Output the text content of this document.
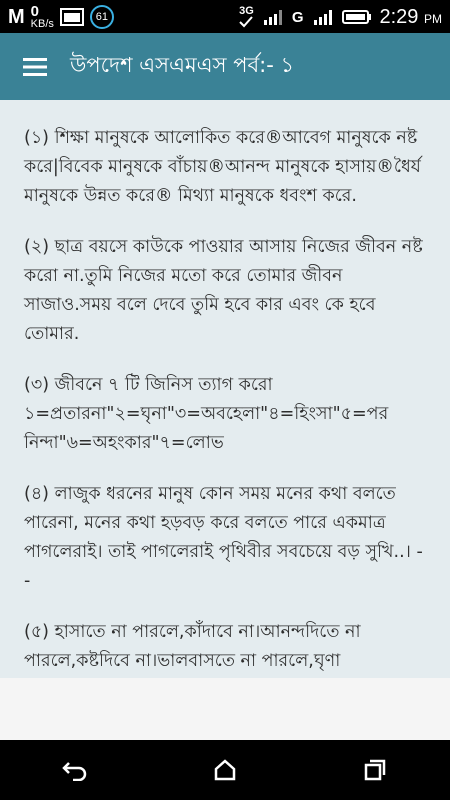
M 0
KB/s
61	3G	G	2:29 PM
উপদেশ এসএমএস পর্ব:- ১
(১) শিক্ষা মানুষকে আলোকিত করে®আবেগ মানুষকে নষ্ট করে|বিবেক মানুষকে বাঁচায়®আনন্দ মানুষকে হাসায়®ধৈর্য মানুষকে উন্নত করে® মিথ্যা মানুষকে ধবংশ করে.
(২) ছাত্র বয়সে কাউকে পাওয়ার আসায় নিজের জীবন নষ্ট করো না.তুমি নিজের মতো করে তোমার জীবন সাজাও.সময় বলে দেবে তুমি হবে কার এবং কে হবে তোমার.
(৩) জীবনে ৭ টি জিনিস ত্যাগ করো ১=প্রতারনা"২=ঘৃনা"৩=অবহেলা"৪=হিংসা"৫=পর নিন্দা"৬=অহংকার"৭=লোভ
(৪) লাজুক ধরনের মানুষ কোন সময় মনের কথা বলতে পারেনা, মনের কথা হড়বড় করে বলতে পারে একমাত্র পাগলেরাই। তাই পাগলেরাই পৃথিবীর সবচেয়ে বড় সুখি..। --
(৫) হাসাতে না পারলে,কাঁদাবে না।আনন্দদিতে না পারলে,কষ্টদিবে না।ভালবাসতে না পারলে,ঘৃণা
